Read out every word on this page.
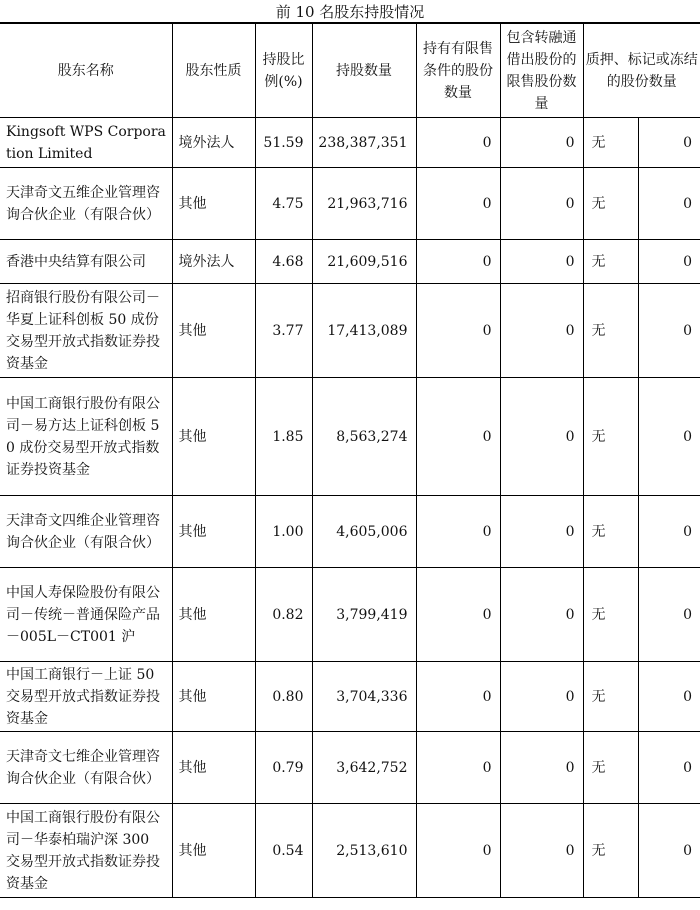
前 10 名股东持股情况
股东名称	股东性质	持股比例(%)	持股数量	持有有限售条件的股份数量	包含转融通借出股份的限售股份数量	质押、标记或冻结的股份数量	
Kingsoft WPS Corporation Limited	境外法人	51.59	238,387,351	0	0	无	0
天津奇文五维企业管理咨询合伙企业（有限合伙）	其他	4.75	21,963,716	0	0	无	0
香港中央结算有限公司	境外法人	4.68	21,609,516	0	0	无	0
招商银行股份有限公司－华夏上证科创板 50 成份交易型开放式指数证券投资基金	其他	3.77	17,413,089	0	0	无	0
中国工商银行股份有限公司－易方达上证科创板 50 成份交易型开放式指数证券投资基金	其他	1.85	8,563,274	0	0	无	0
天津奇文四维企业管理咨询合伙企业（有限合伙）	其他	1.00	4,605,006	0	0	无	0
中国人寿保险股份有限公司－传统－普通保险产品－005L－CT001 沪	其他	0.82	3,799,419	0	0	无	0
中国工商银行－上证 50 交易型开放式指数证券投资基金	其他	0.80	3,704,336	0	0	无	0
天津奇文七维企业管理咨询合伙企业（有限合伙）	其他	0.79	3,642,752	0	0	无	0
中国工商银行股份有限公司－华泰柏瑞沪深 300 交易型开放式指数证券投资基金	其他	0.54	2,513,610	0	0	无	0
